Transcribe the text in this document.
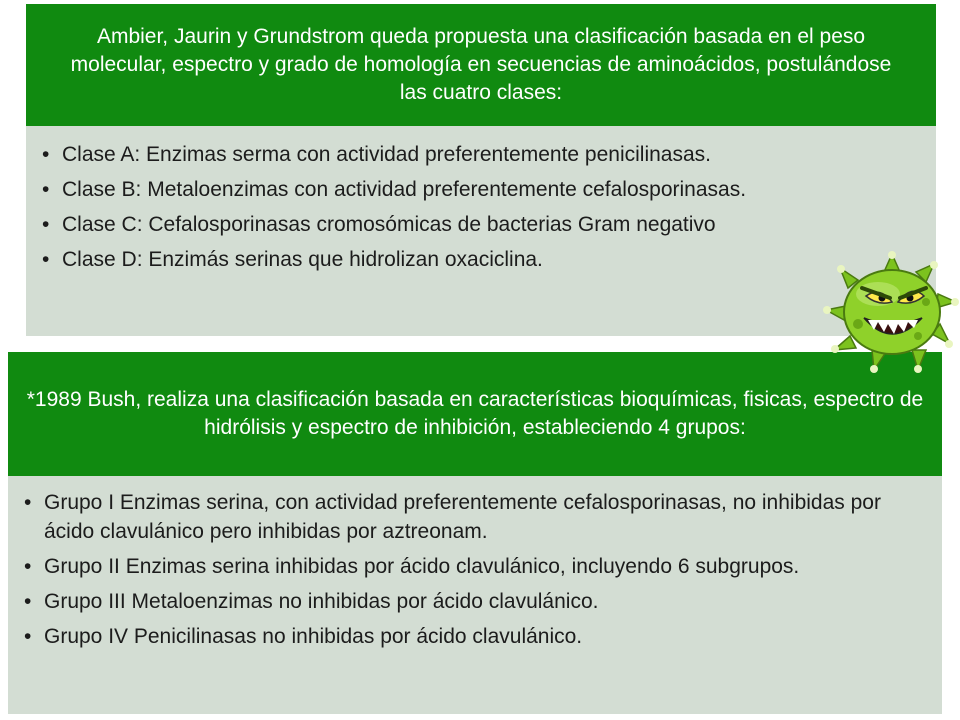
Ambier, Jaurin y Grundstrom queda propuesta una clasificación basada en el peso molecular, espectro y grado de homología en secuencias de aminoácidos, postulándose las cuatro clases:
• Clase A: Enzimas serma con actividad preferentemente penicilinasas.
• Clase B: Metaloenzimas con actividad preferentemente cefalosporinasas.
• Clase C: Cefalosporinasas cromosómicas de bacterias Gram negativo
• Clase D: Enzimás serinas que hidrolizan oxaciclina.
*1989 Bush, realiza una clasificación basada en características bioquímicas, fisicas, espectro de hidrólisis y espectro de inhibición, estableciendo 4 grupos:
• Grupo I Enzimas serina, con actividad preferentemente cefalosporinasas, no inhibidas por ácido clavulánico pero inhibidas por aztreonam.
• Grupo II Enzimas serina inhibidas por ácido clavulánico, incluyendo 6 subgrupos.
• Grupo III Metaloenzimas no inhibidas por ácido clavulánico.
• Grupo IV Penicilinasas no inhibidas por ácido clavulánico.
